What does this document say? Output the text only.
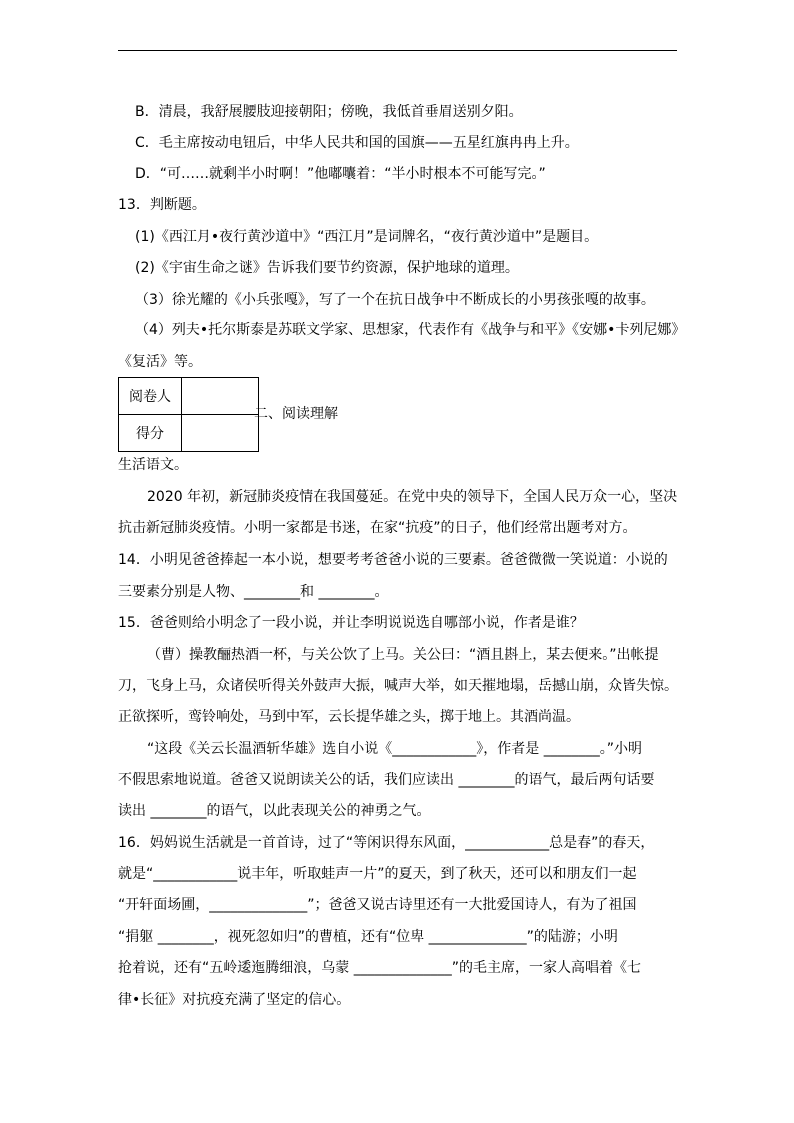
B．清晨，我舒展腰肢迎接朝阳；傍晚，我低首垂眉送别夕阳。
C．毛主席按动电钮后，中华人民共和国的国旗——五星红旗冉冉上升。
D．“可……就剩半小时啊！”他嘟囔着：“半小时根本不可能写完。”
13．判断题。
(1)《西江月•夜行黄沙道中》“西江月”是词牌名，“夜行黄沙道中”是题目。
(2)《宇宙生命之谜》告诉我们要节约资源，保护地球的道理。
（3）徐光耀的《小兵张嘎》，写了一个在抗日战争中不断成长的小男孩张嘎的故事。
（4）列夫•托尔斯泰是苏联文学家、思想家，代表作有《战争与和平》《安娜•卡列尼娜》
《复活》等。
阅卷人	
得分	
二、阅读理解
生活语文。
2020 年初，新冠肺炎疫情在我国蔓延。在党中央的领导下，全国人民万众一心，坚决
抗击新冠肺炎疫情。小明一家都是书迷，在家“抗疫”的日子，他们经常出题考对方。
14．小明见爸爸捧起一本小说，想要考考爸爸小说的三要素。爸爸微微一笑说道：小说的
三要素分别是人物、________和 ________。
15．爸爸则给小明念了一段小说，并让李明说说选自哪部小说，作者是谁？
（曹）操教酾热酒一杯，与关公饮了上马。关公曰：“酒且斟上，某去便来。”出帐提
刀，飞身上马，众诸侯听得关外鼓声大振，喊声大举，如天摧地塌，岳撼山崩，众皆失惊。
正欲探听，鸾铃响处，马到中军，云长提华雄之头，掷于地上。其酒尚温。
“这段《关云长温酒斩华雄》选自小说《____________》，作者是 ________。”小明
不假思索地说道。爸爸又说朗读关公的话，我们应读出 ________的语气，最后两句话要
读出 ________的语气，以此表现关公的神勇之气。
16．妈妈说生活就是一首首诗，过了“等闲识得东风面，____________总是春”的春天，
就是“____________说丰年，听取蛙声一片”的夏天，到了秋天，还可以和朋友们一起
“开轩面场圃，______________”；爸爸又说古诗里还有一大批爱国诗人，有为了祖国
“捐躯 ________，视死忽如归”的曹植，还有“位卑 ______________”的陆游；小明
抢着说，还有“五岭逶迤腾细浪，乌蒙 ______________”的毛主席，一家人高唱着《七
律•长征》对抗疫充满了坚定的信心。
